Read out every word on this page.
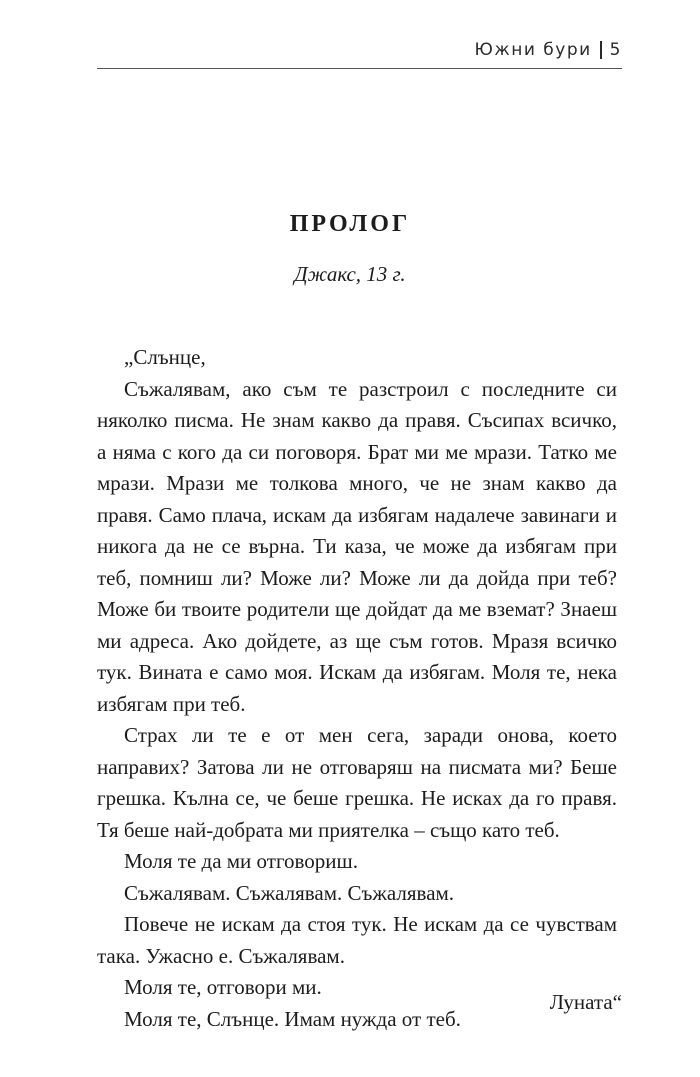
Южни бури 5
ПРОЛОГ
Джакс, 13 г.

„Слънце,

Съжалявам, ако съм те разстроил с последните си няколко писма. Не знам какво да правя. Съсипах всичко, а няма с кого да си поговоря. Брат ми ме мрази. Татко ме мрази. Мрази ме толкова много, че не знам какво да правя. Само плача, искам да избягам надалече завинаги и никога да не се върна. Ти каза, че може да избягам при теб, помниш ли? Може ли? Може ли да дойда при теб? Може би твоите родители ще дойдат да ме вземат? Знаеш ми адреса. Ако дойдете, аз ще съм готов. Мразя всичко тук. Вината е само моя. Искам да избягам. Моля те, нека избягам при теб.

Страх ли те е от мен сега, заради онова, което направих? Затова ли не отговаряш на писмата ми? Беше грешка. Кълна се, че беше грешка. Не исках да го правя. Тя беше най-добрата ми приятелка – също като теб.

Моля те да ми отговориш.

Съжалявам. Съжалявам. Съжалявам.

Повече не искам да стоя тук. Не искам да се чувствам така. Ужасно е. Съжалявам.

Моля те, отговори ми.

Моля те, Слънце. Имам нужда от теб.

Луната“
